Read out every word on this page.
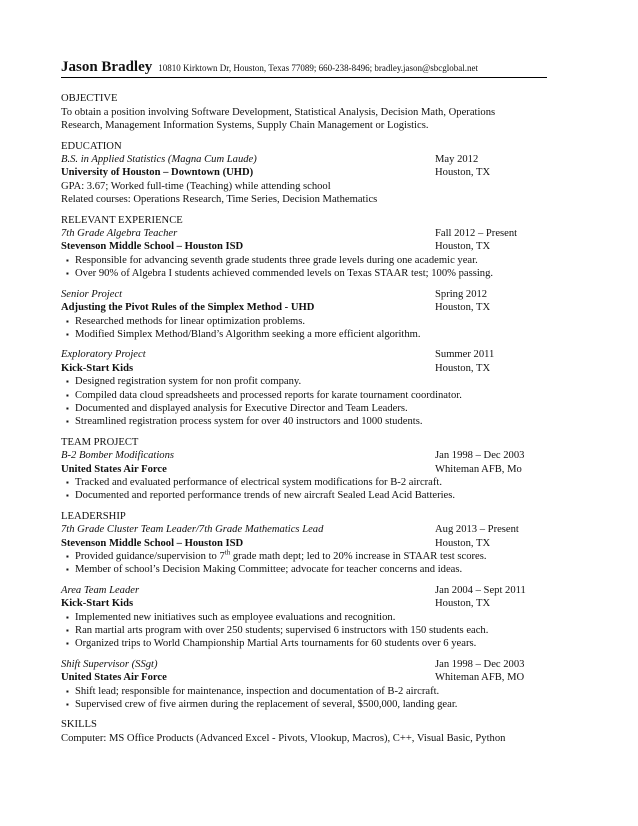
Jason Bradley 10810 Kirktown Dr, Houston, Texas 77089; 660-238-8496; bradley.jason@sbcglobal.net
OBJECTIVE
To obtain a position involving Software Development, Statistical Analysis, Decision Math, Operations
Research, Management Information Systems, Supply Chain Management or Logistics.
EDUCATION
B.S. in Applied Statistics (Magna Cum Laude)	May 2012
University of Houston – Downtown (UHD)	Houston, TX
GPA: 3.67; Worked full-time (Teaching) while attending school
Related courses: Operations Research, Time Series, Decision Mathematics
RELEVANT EXPERIENCE
7th Grade Algebra Teacher	Fall 2012 – Present
Stevenson Middle School – Houston ISD	Houston, TX
▪ Responsible for advancing seventh grade students three grade levels during one academic year.
▪ Over 90% of Algebra I students achieved commended levels on Texas STAAR test; 100% passing.
Senior Project	Spring 2012
Adjusting the Pivot Rules of the Simplex Method - UHD	Houston, TX
▪ Researched methods for linear optimization problems.
▪ Modified Simplex Method/Bland’s Algorithm seeking a more efficient algorithm.
Exploratory Project	Summer 2011
Kick-Start Kids	Houston, TX
▪ Designed registration system for non profit company.
▪ Compiled data cloud spreadsheets and processed reports for karate tournament coordinator.
▪ Documented and displayed analysis for Executive Director and Team Leaders.
▪ Streamlined registration process system for over 40 instructors and 1000 students.
TEAM PROJECT
B-2 Bomber Modifications	Jan 1998 – Dec 2003
United States Air Force	Whiteman AFB, Mo
▪ Tracked and evaluated performance of electrical system modifications for B-2 aircraft.
▪ Documented and reported performance trends of new aircraft Sealed Lead Acid Batteries.
LEADERSHIP
7th Grade Cluster Team Leader/7th Grade Mathematics Lead	Aug 2013 – Present
Stevenson Middle School – Houston ISD	Houston, TX
▪ Provided guidance/supervision to 7th grade math dept; led to 20% increase in STAAR test scores.
▪ Member of school’s Decision Making Committee; advocate for teacher concerns and ideas.
Area Team Leader	Jan 2004 – Sept 2011
Kick-Start Kids	Houston, TX
▪ Implemented new initiatives such as employee evaluations and recognition.
▪ Ran martial arts program with over 250 students; supervised 6 instructors with 150 students each.
▪ Organized trips to World Championship Martial Arts tournaments for 60 students over 6 years.
Shift Supervisor (SSgt)	Jan 1998 – Dec 2003
United States Air Force	Whiteman AFB, MO
▪ Shift lead; responsible for maintenance, inspection and documentation of B-2 aircraft.
▪ Supervised crew of five airmen during the replacement of several, $500,000, landing gear.
SKILLS
Computer: MS Office Products (Advanced Excel - Pivots, Vlookup, Macros), C++, Visual Basic, Python
